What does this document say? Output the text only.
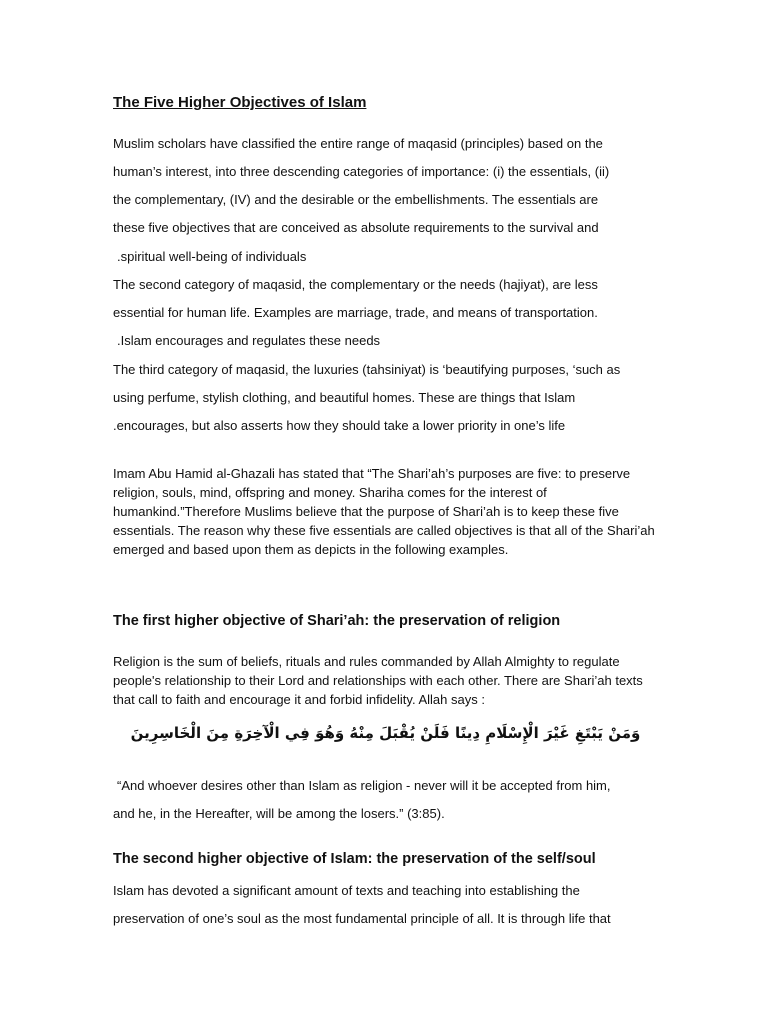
The Five Higher Objectives of Islam
Muslim scholars have classified the entire range of maqasid (principles) based on the
human’s interest, into three descending categories of importance: (i) the essentials, (ii)
the complementary, (IV) and the desirable or the embellishments. The essentials are
these five objectives that are conceived as absolute requirements to the survival and
.spiritual well-being of individuals
The second category of maqasid, the complementary or the needs (hajiyat), are less
essential for human life. Examples are marriage, trade, and means of transportation.
.Islam encourages and regulates these needs
The third category of maqasid, the luxuries (tahsiniyat) is ‘beautifying purposes, ‘such as
using perfume, stylish clothing, and beautiful homes. These are things that Islam
.encourages, but also asserts how they should take a lower priority in one’s life
Imam Abu Hamid al-Ghazali has stated that “The Shari’ah’s purposes are five: to preserve religion, souls, mind, offspring and money. Shariha comes for the interest of humankind.”Therefore Muslims believe that the purpose of Shari’ah is to keep these five essentials. The reason why these five essentials are called objectives is that all of the Shari’ah emerged and based upon them as depicts in the following examples.
The first higher objective of Shari’ah: the preservation of religion
Religion is the sum of beliefs, rituals and rules commanded by Allah Almighty to regulate people's relationship to their Lord and relationships with each other. There are Shari’ah texts that call to faith and encourage it and forbid infidelity. Allah says :
وَمَنْ يَبْتَغِ غَيْرَ الْإِسْلَامِ دِينًا فَلَنْ يُقْبَلَ مِنْهُ وَهُوَ فِي الْآخِرَةِ مِنَ الْخَاسِرِينَ
“And whoever desires other than Islam as religion - never will it be accepted from him,
and he, in the Hereafter, will be among the losers.” (3:85).
The second higher objective of Islam: the preservation of the self/soul
Islam has devoted a significant amount of texts and teaching into establishing the
preservation of one’s soul as the most fundamental principle of all. It is through life that
